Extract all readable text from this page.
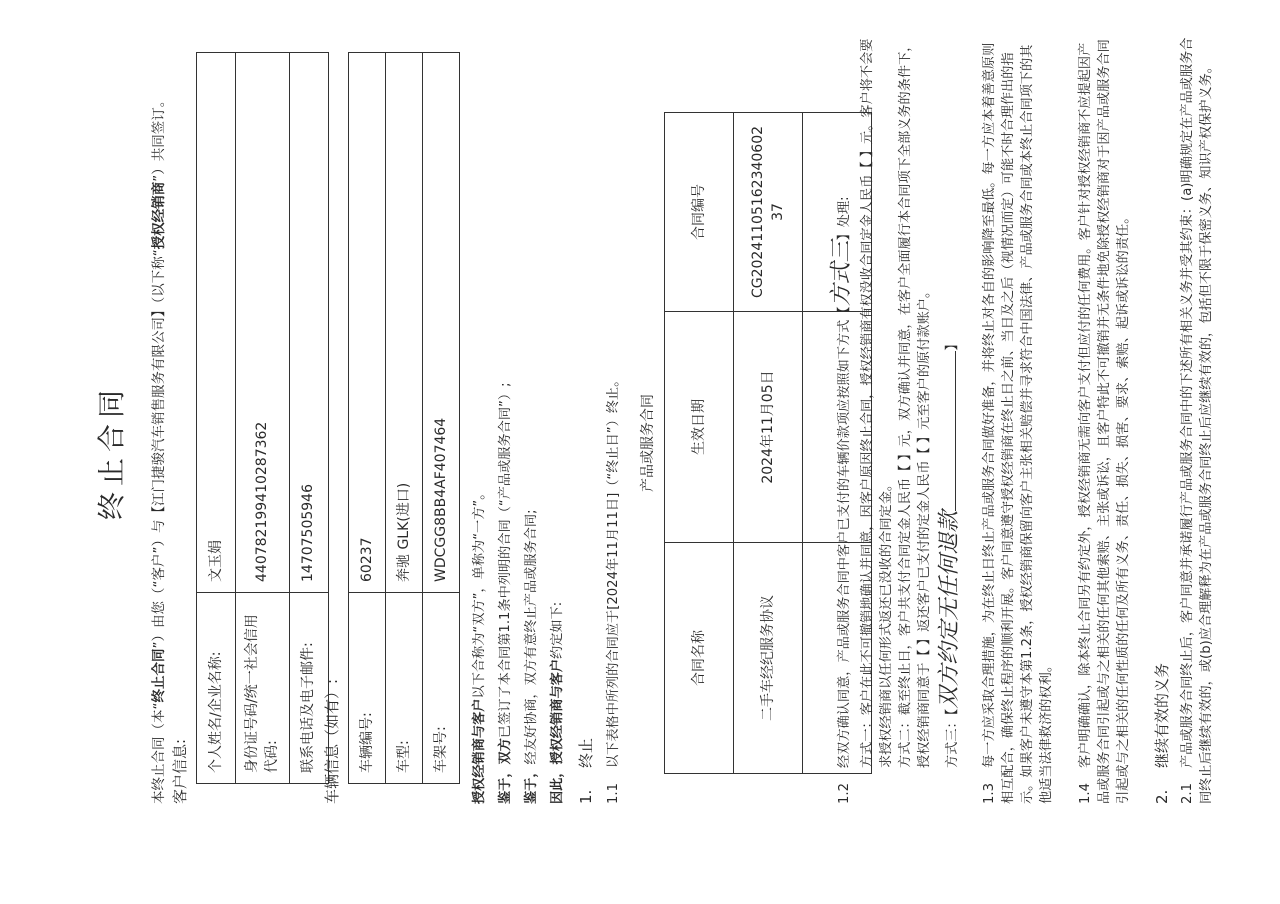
终止合同
本终止合同（本“终止合同”）由您（“客户”）与【江门捷骏汽车销售服务有限公司】（以下称“授权经销商”）共同签订。
客户信息: 个人姓名/企业名称:	文玉娟
身份证号码/统一社会信用代码:	440782199410287362
联系电话及电子邮件:	14707505946
车辆信息（如有）: 车辆编号:	60237
车型:	奔驰 GLK(进口)
车架号:	WDCGG8BB4AF407464
授权经销商与客户以下合称为“双方”，单称为“一方”。
鉴于，双方已签订了本合同第1.1条中列明的合同（“产品或服务合同”）;
鉴于，经友好协商，双方有意终止产品或服务合同; 因此，授权经销商与客户约定如下:
1.终止
1.1以下表格中所列的合同应于[2024年11月11日]（“终止日”）终止。 产品或服务合同		
合同名称	生效日期	合同编号
二手车经纪服务协议	2024年11月05日	CG20241105162340602 37

1.2经双方确认同意，产品或服务合同中客户已支付的车辆价款项应按照如下方式【方式三】处理: 方式一：客户在此不可撤销地确认并同意，因客户原因终止合同，授权经销商有权没收合同定金人民币【 】元。客户将不会要求授权经销商以任何形式返还已没收的合同定金。 方式二：截至终止日，客户共支付合同定金人民币【 】元，双方确认并同意，在客户全面履行本合同项下全部义务的条件下，授权经销商同意于【 】返还客户已支付的定金人民币【 】元至客户的原付款账户。 方式三：【双方约定无任何退款】
1.3每一方应采取合理措施，为在终止日终止产品或服务合同做好准备，并将终止对各自的影响降至最低。每一方应本着善意原则相互配合，确保终止程序的顺利开展。客户同意遵守授权经销商在终止日之前、当日及之后（视情况而定）可能不时合理作出的指示。如果客户未遵守本第1.2条，授权经销商保留向客户主张相关赔偿并寻求符合中国法律、产品或服务合同或本终止合同项下的其他适当法律救济的权利。 1.4客户明确确认，除本终止合同另有约定外，授权经销商无需向客户支付但应付的任何费用。客户针对授权经销商不应提起因产品或服务合同引起或与之相关的任何其他索赔、主张或诉讼，且客户特此不可撤销并无条件地免除授权经销商对于因产品或服务合同引起或与之相关的任何性质的任何及所有义务、责任、损失、损害、要求、索赔、起诉或诉讼的责任。 2.继续有效的义务
2.1产品或服务合同终止后，客户同意并承诺履行产品或服务合同中的下述所有相关义务并受其约束：(a)明确规定在产品或服务合同终止后继续有效的，或(b)应合理解释为在产品或服务合同终止后应继续有效的，包括但不限于保密义务、知识产权保护义务。
